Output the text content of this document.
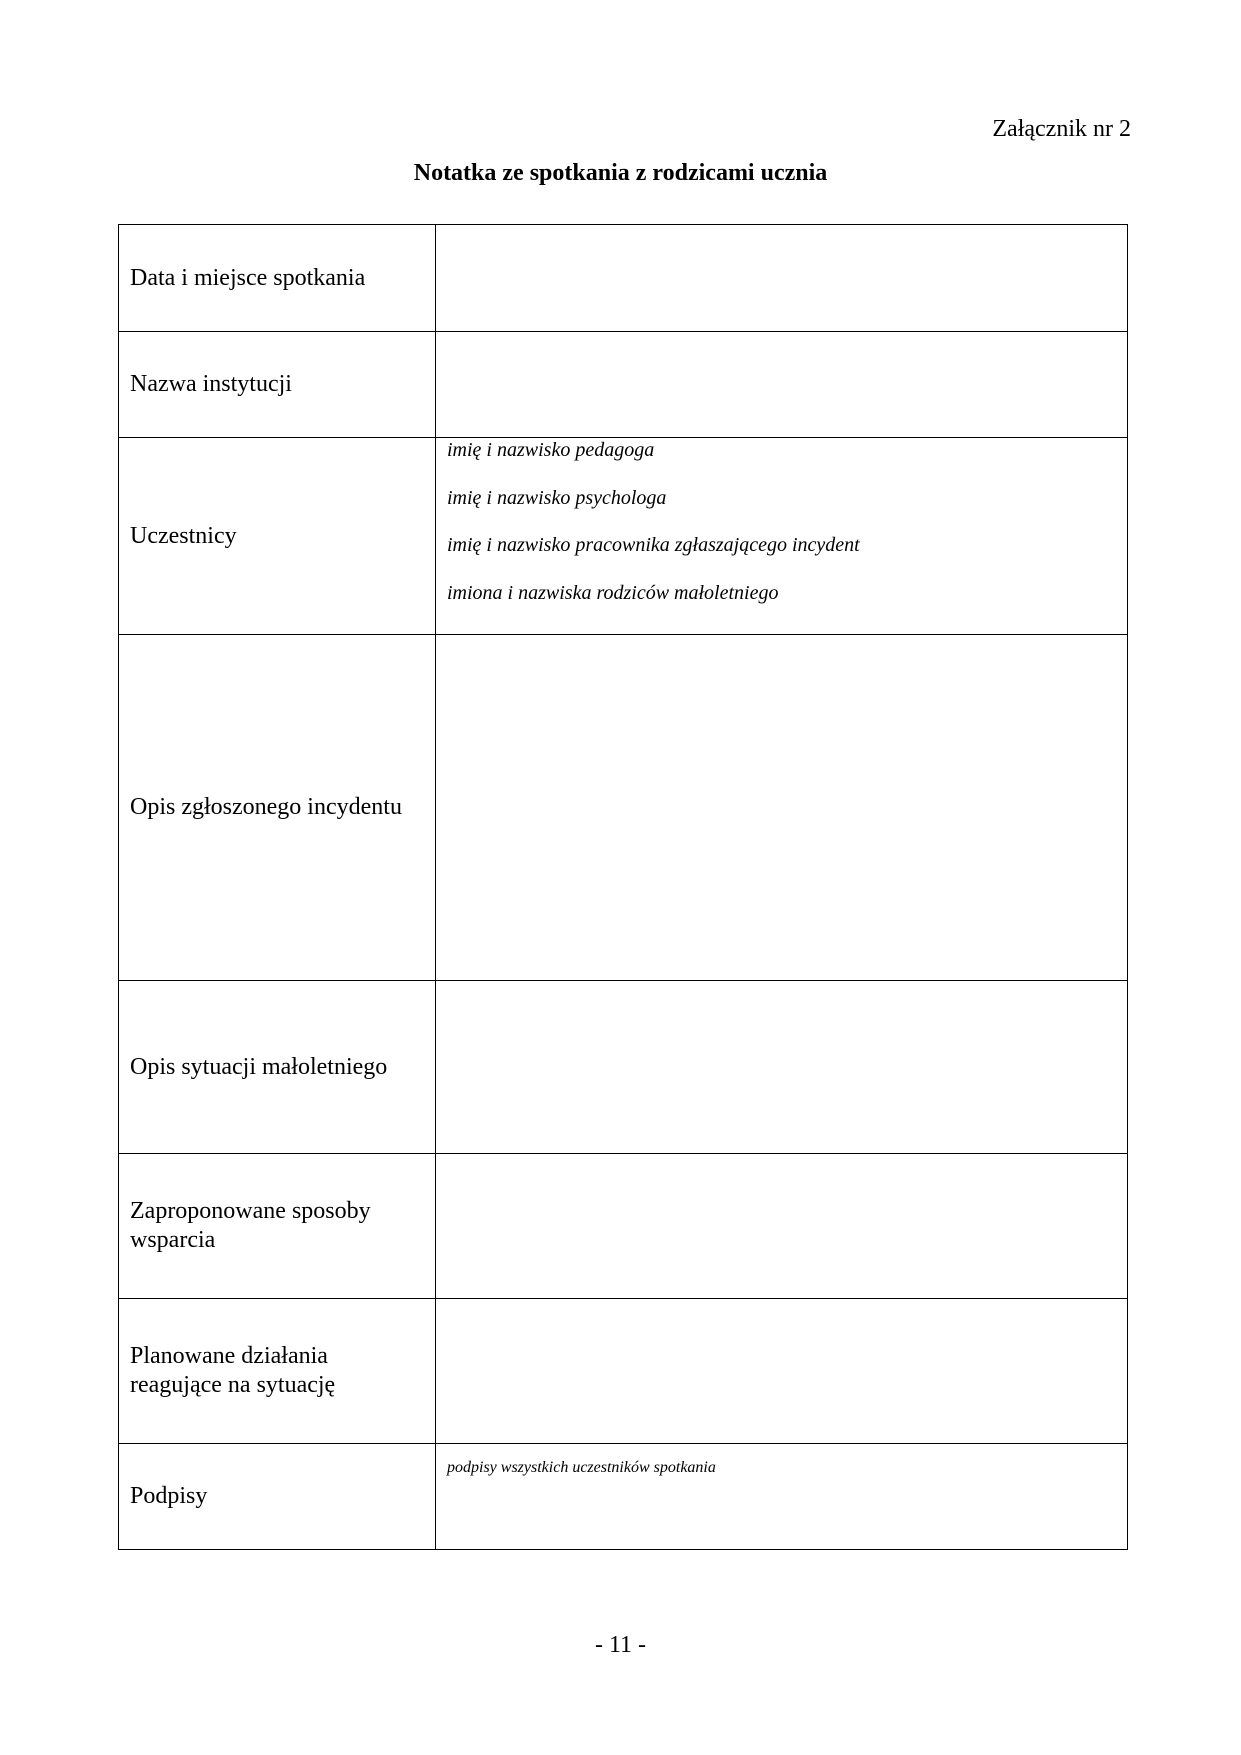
Załącznik nr 2
Notatka ze spotkania z rodzicami ucznia
Data i miejsce spotkania	
Nazwa instytucji	
Uczestnicy	imię i nazwisko pedagoga

imię i nazwisko psychologa

imię i nazwisko pracownika zgłaszającego incydent

imiona i nazwiska rodziców małoletniego

Opis zgłoszonego incydentu	
Opis sytuacji małoletniego	
Zaproponowane sposoby wsparcia	
Planowane działania reagujące na sytuację	
Podpisy	podpisy wszystkich uczestników spotkania
- 11 -
